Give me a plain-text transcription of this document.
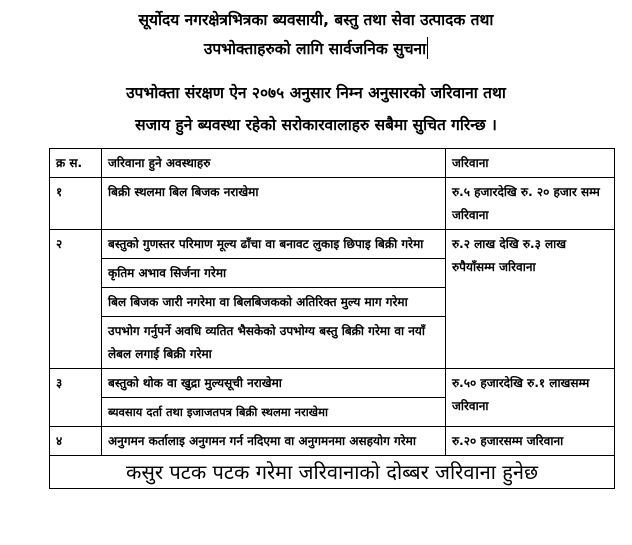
सूर्योदय नगरक्षेत्रभित्रका ब्यवसायी, बस्तु तथा सेवा उत्पादक तथा
उपभोक्ताहरुको लागि सार्वजनिक सुचना
उपभोक्ता संरक्षण ऐन २०७५ अनुसार निम्न अनुसारको जरिवाना तथा
सजाय हुने ब्यवस्था रहेको सरोकारवालाहरु सबैमा सुचित गरिन्छ ।
क्र स.	जरिवाना हुने अवस्थाहरु	जरिवाना
१	बिक्री स्थलमा बिल बिजक नराखेमा	रु.५ हजारदेखि रु. २० हजार सम्म जरिवाना
२	बस्तुको गुणस्तर परिमाण मूल्य ढाँचा वा बनावट लुकाइ छिपाइ बिक्री गरेमा	रु.२ लाख देखि रु.३ लाख रुपैयाँसम्म जरिवाना
	कृतिम अभाव सिर्जना गरेमा	
	बिल बिजक जारी नगरेमा वा बिलबिजकको अतिरिक्त मुल्य माग गरेमा	
	उपभोग गर्नुपर्ने अवधि व्यतित भैसकेको उपभोग्य बस्तु बिक्री गरेमा वा नयाँ लेबल लगाई बिक्री गरेमा	
३	बस्तुको थोक वा खुद्रा मुल्यसूची नराखेमा	रु.५० हजारदेखि रु.१ लाखसम्म जरिवाना
	ब्यवसाय दर्ता तथा इजाजतपत्र बिक्री स्थलमा नराखेमा	
४	अनुगमन कर्तालाइ अनुगमन गर्न नदिएमा वा अनुगमनमा असहयोग गरेमा	रु.२० हजारसम्म जरिवाना
कसुर पटक पटक गरेमा जरिवानाको दोब्बर जरिवाना हुनेछ		
